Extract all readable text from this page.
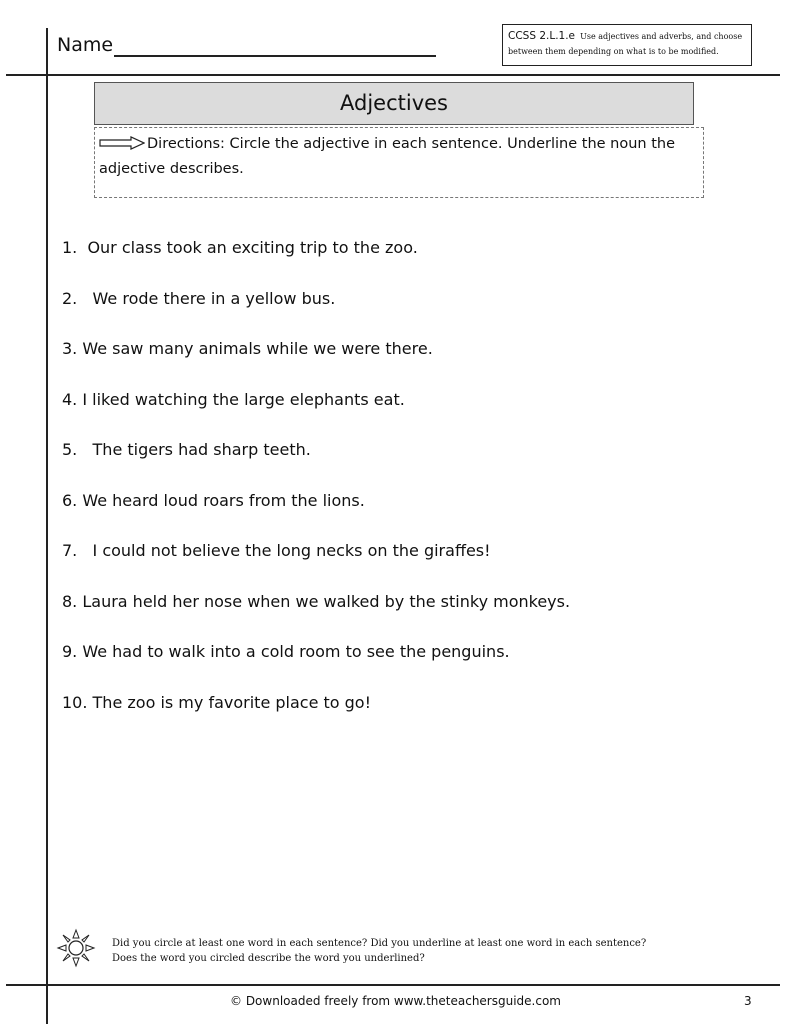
Name	CCSS 2.L.1.e Use adjectives and adverbs, and choose between them depending on what is to be modified.
Adjectives
Directions: Circle the adjective in each sentence. Underline the noun the adjective describes.
1.  Our class took an exciting trip to the zoo.
2.   We rode there in a yellow bus.
3. We saw many animals while we were there.
4. I liked watching the large elephants eat.
5.   The tigers had sharp teeth.
6. We heard loud roars from the lions.
7.   I could not believe the long necks on the giraffes!
8. Laura held her nose when we walked by the stinky monkeys.
9. We had to walk into a cold room to see the penguins.
10. The zoo is my favorite place to go!
Did you circle at least one word in each sentence? Did you underline at least one word in each sentence?
Does the word you circled describe the word you underlined?
© Downloaded freely from www.theteachersguide.com	3
